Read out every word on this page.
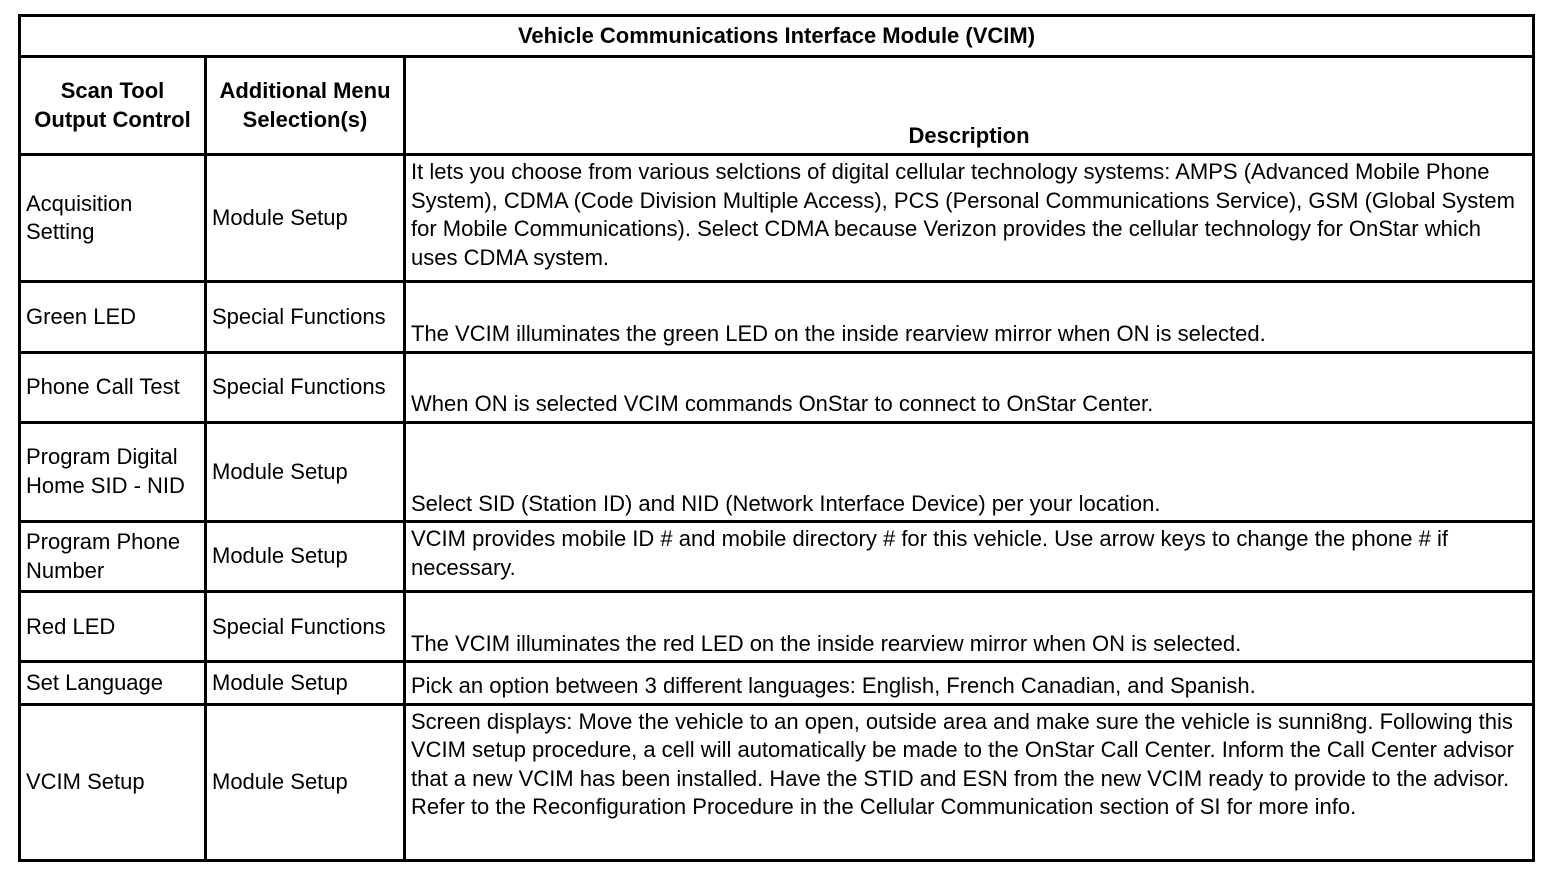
Vehicle Communications Interface Module (VCIM)		
Scan Tool Output Control	Additional Menu Selection(s)	Description
Acquisition Setting	Module Setup	It lets you choose from various selctions of digital cellular technology systems: AMPS (Advanced Mobile Phone System), CDMA (Code Division Multiple Access), PCS (Personal Communications Service), GSM (Global System for Mobile Communications). Select CDMA because Verizon provides the cellular technology for OnStar which uses CDMA system.
Green LED	Special Functions	The VCIM illuminates the green LED on the inside rearview mirror when ON is selected.
Phone Call Test	Special Functions	When ON is selected VCIM commands OnStar to connect to OnStar Center.
Program Digital Home SID - NID	Module Setup	Select SID (Station ID) and NID (Network Interface Device) per your location.
Program Phone Number	Module Setup	VCIM provides mobile ID # and mobile directory # for this vehicle. Use arrow keys to change the phone # if necessary.
Red LED	Special Functions	The VCIM illuminates the red LED on the inside rearview mirror when ON is selected.
Set Language	Module Setup	Pick an option between 3 different languages: English, French Canadian, and Spanish.
VCIM Setup	Module Setup	Screen displays: Move the vehicle to an open, outside area and make sure the vehicle is sunni8ng. Following this VCIM setup procedure, a cell will automatically be made to the OnStar Call Center. Inform the Call Center advisor that a new VCIM has been installed. Have the STID and ESN from the new VCIM ready to provide to the advisor. Refer to the Reconfiguration Procedure in the Cellular Communication section of SI for more info.
